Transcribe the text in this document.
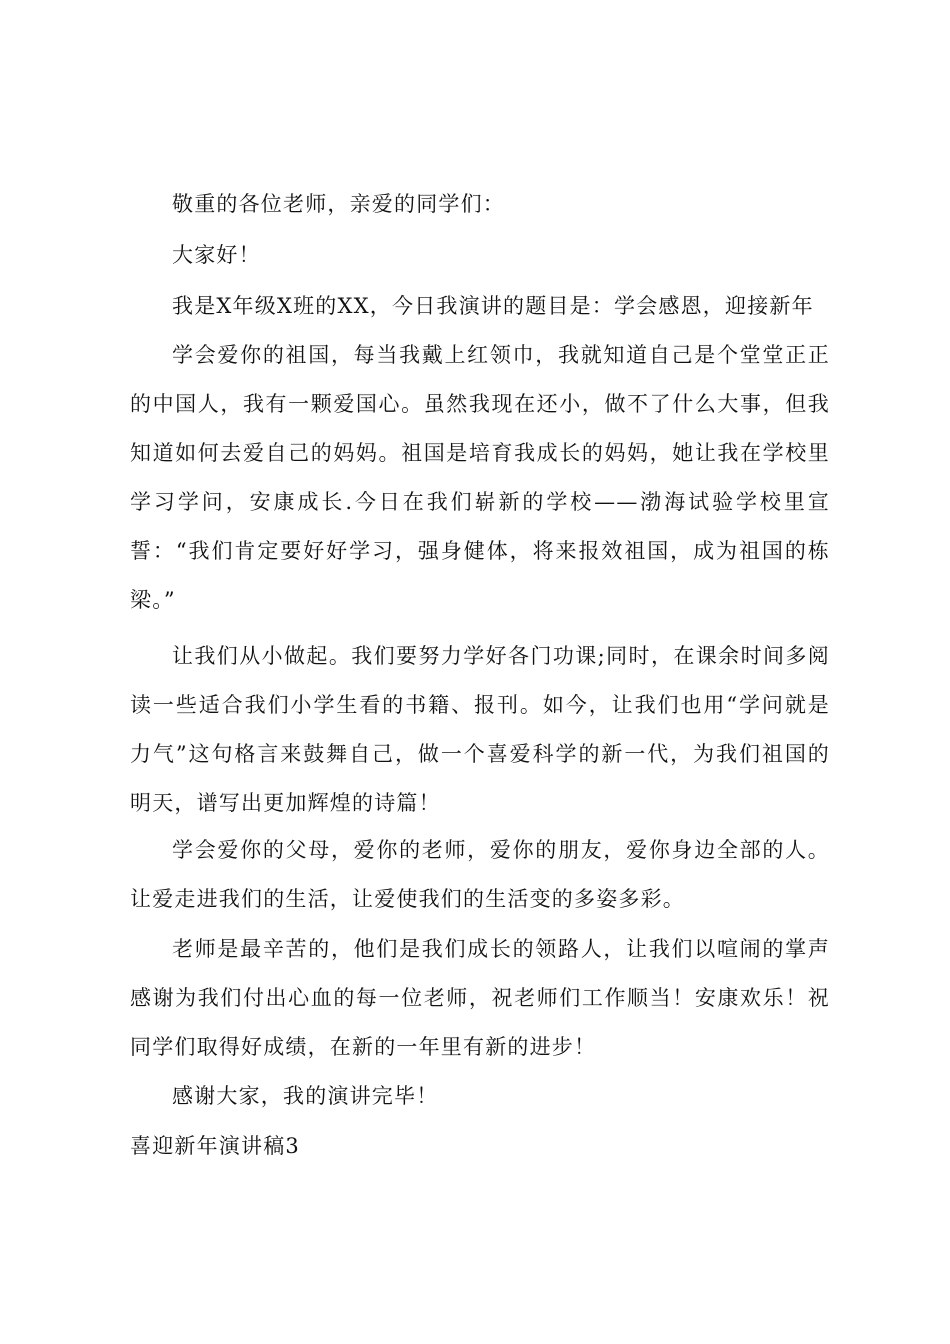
敬重的各位老师，亲爱的同学们：

大家好！

我是X年级X班的XX，今日我演讲的题目是：学会感恩，迎接新年

学会爱你的祖国，每当我戴上红领巾，我就知道自己是个堂堂正正的中国人，我有一颗爱国心。虽然我现在还小，做不了什么大事，但我知道如何去爱自己的妈妈。祖国是培育我成长的妈妈，她让我在学校里学习学问，安康成长.今日在我们崭新的学校——渤海试验学校里宣誓：“我们肯定要好好学习，强身健体，将来报效祖国，成为祖国的栋梁。”

让我们从小做起。我们要努力学好各门功课;同时，在课余时间多阅读一些适合我们小学生看的书籍、报刊。如今，让我们也用“学问就是力气”这句格言来鼓舞自己，做一个喜爱科学的新一代，为我们祖国的明天，谱写出更加辉煌的诗篇！

学会爱你的父母，爱你的老师，爱你的朋友，爱你身边全部的人。让爱走进我们的生活，让爱使我们的生活变的多姿多彩。

老师是最辛苦的，他们是我们成长的领路人，让我们以喧闹的掌声感谢为我们付出心血的每一位老师，祝老师们工作顺当！安康欢乐！祝同学们取得好成绩，在新的一年里有新的进步！

感谢大家，我的演讲完毕！

喜迎新年演讲稿3
